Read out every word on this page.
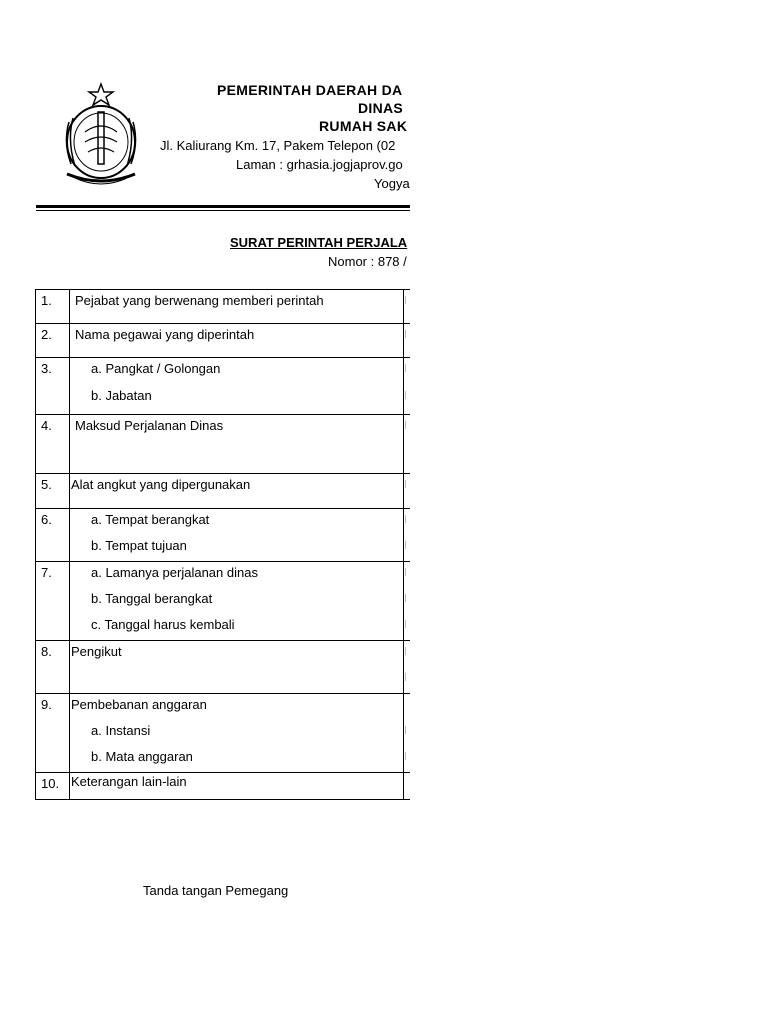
PEMERINTAH DAERAH DA
DINAS
RUMAH SAK
Jl. Kaliurang Km. 17, Pakem Telepon (02
Laman : grhasia.jogjaprov.go
Yogya
SURAT PERINTAH PERJALA
Nomor : 878 /
1. Pejabat yang berwenang memberi perintah
2. Nama pegawai yang diperintah
3.	a. Pangkat / Golongan
b. Jabatan
4. Maksud Perjalanan Dinas
5. Alat angkut yang dipergunakan
6.	a. Tempat berangkat
b. Tempat tujuan
7.	a. Lamanya perjalanan dinas
b. Tanggal berangkat
c. Tanggal harus kembali
8. Pengikut
9. Pembebanan anggaran
a. Instansi
b. Mata anggaran
10. Keterangan lain-lain
Tanda tangan Pemegang
